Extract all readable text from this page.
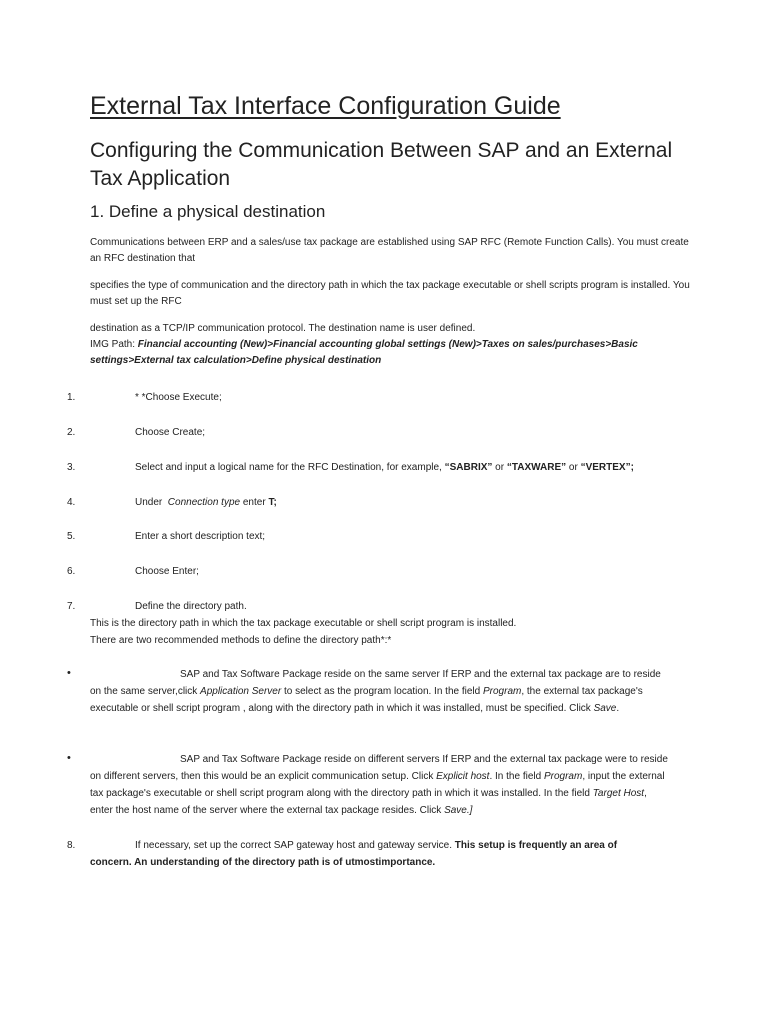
External Tax Interface Configuration Guide
Configuring the Communication Between SAP and an External Tax Application
1. Define a physical destination

Communications between ERP and a sales/use tax package are established using SAP RFC (Remote Function Calls). You must create an RFC destination that

specifies the type of communication and the directory path in which the tax package executable or shell scripts program is installed. You must set up the RFC

destination as a TCP/IP communication protocol. The destination name is user defined.
IMG Path: Financial accounting (New)>Financial accounting global settings (New)>Taxes on sales/purchases>Basic settings>External tax calculation>Define physical destination

1.	* *Choose Execute;
2.	Choose Create;
3.	Select and input a logical name for the RFC Destination, for example, “SABRIX” or “TAXWARE” or “VERTEX”;
4.	Under  Connection type enter T;
5.	Enter a short description text;
6.	Choose Enter;
7.	Define the directory path.
This is the directory path in which the tax package executable or shell script program is installed.
There are two recommended methods to define the directory path*:*
•	SAP and Tax Software Package reside on the same server If ERP and the external tax package are to reside on the same server,click Application Server to select as the program location. In the field Program, the external tax package's executable or shell script program , along with the directory path in which it was installed, must be specified. Click Save.
•	SAP and Tax Software Package reside on different servers If ERP and the external tax package were to reside on different servers, then this would be an explicit communication setup. Click Explicit host. In the field Program, input the external tax package's executable or shell script program along with the directory path in which it was installed. In the field Target Host, enter the host name of the server where the external tax package resides. Click Save.]
8.	If necessary, set up the correct SAP gateway host and gateway service. This setup is frequently an area of concern. An understanding of the directory path is of utmostimportance.
